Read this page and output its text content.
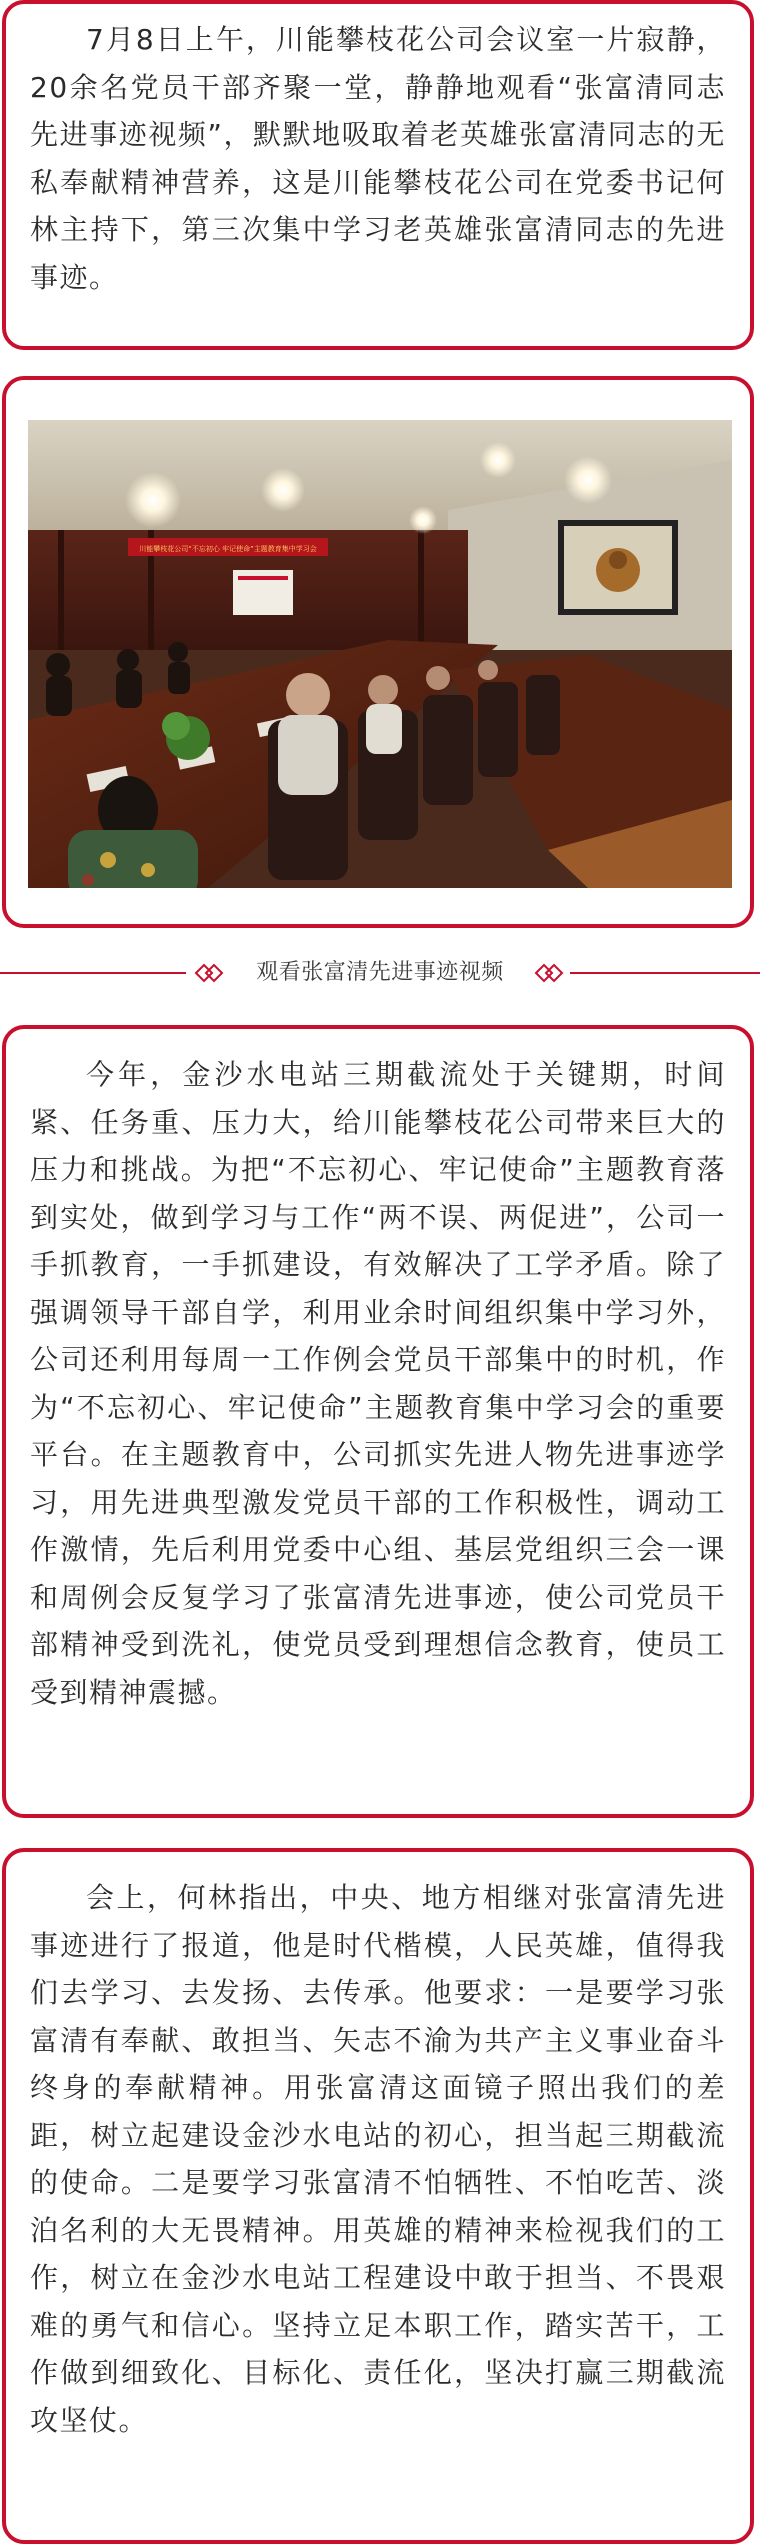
7月8日上午，川能攀枝花公司会议室一片寂静，20余名党员干部齐聚一堂，静静地观看“张富清同志先进事迹视频”，默默地吸取着老英雄张富清同志的无私奉献精神营养，这是川能攀枝花公司在党委书记何林主持下，第三次集中学习老英雄张富清同志的先进事迹。

川能攀枝花公司“不忘初心 牢记使命”主题教育集中学习会
观看张富清先进事迹视频

今年，金沙水电站三期截流处于关键期，时间紧、任务重、压力大，给川能攀枝花公司带来巨大的压力和挑战。为把“不忘初心、牢记使命”主题教育落到实处，做到学习与工作“两不误、两促进”，公司一手抓教育，一手抓建设，有效解决了工学矛盾。除了强调领导干部自学，利用业余时间组织集中学习外，公司还利用每周一工作例会党员干部集中的时机，作为“不忘初心、牢记使命”主题教育集中学习会的重要平台。在主题教育中，公司抓实先进人物先进事迹学习，用先进典型激发党员干部的工作积极性，调动工作激情，先后利用党委中心组、基层党组织三会一课和周例会反复学习了张富清先进事迹，使公司党员干部精神受到洗礼，使党员受到理想信念教育，使员工受到精神震撼。

会上，何林指出，中央、地方相继对张富清先进事迹进行了报道，他是时代楷模，人民英雄，值得我们去学习、去发扬、去传承。他要求：一是要学习张富清有奉献、敢担当、矢志不渝为共产主义事业奋斗终身的奉献精神。用张富清这面镜子照出我们的差距，树立起建设金沙水电站的初心，担当起三期截流的使命。二是要学习张富清不怕牺牲、不怕吃苦、淡泊名利的大无畏精神。用英雄的精神来检视我们的工作，树立在金沙水电站工程建设中敢于担当、不畏艰难的勇气和信心。坚持立足本职工作，踏实苦干，工作做到细致化、目标化、责任化，坚决打赢三期截流攻坚仗。
